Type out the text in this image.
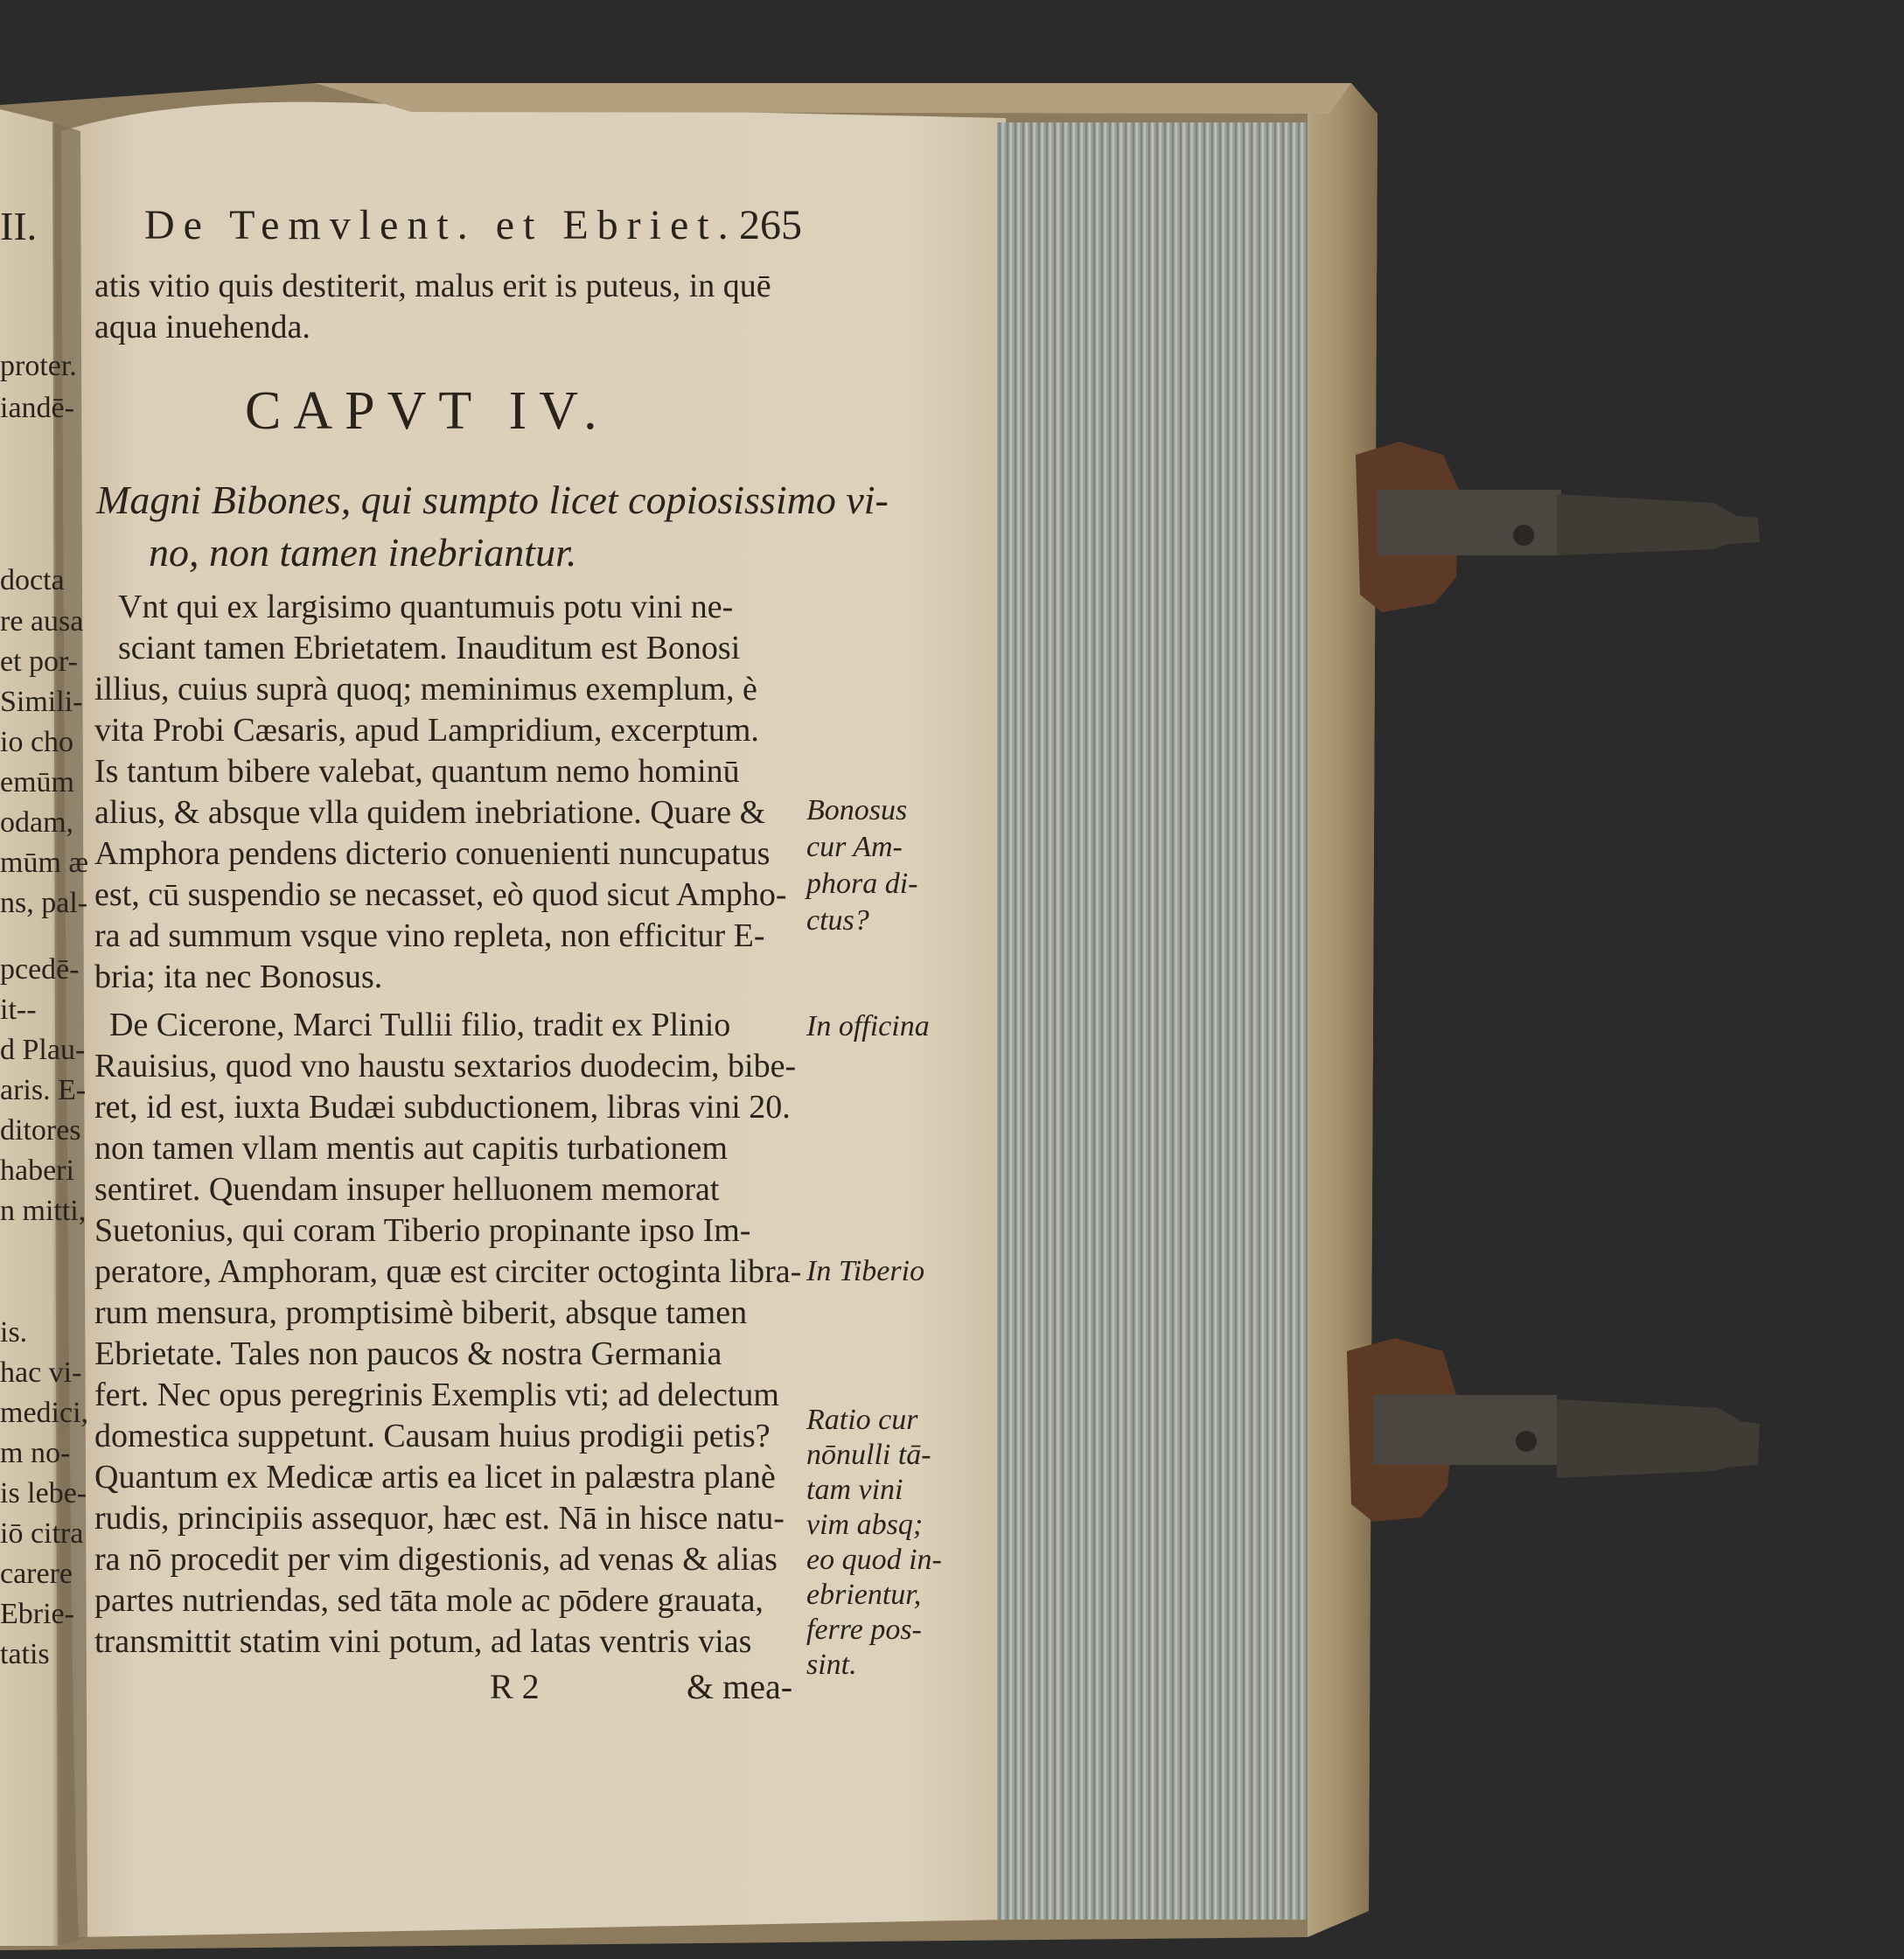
II.
proter.
iandē-
docta
re ausa
et por-
Simili-
io cho
emūm
odam,
mūm æ
ns, pal-
pcedē-
it--
d Plau-
aris. E-
ditores
haberi
n mitti,
is.
hac vi-
medici,
m no-
is lebe-
iō citra
carere
Ebrie-
tatis
De Temvlent. et Ebriet. 265
atis vitio quis destiterit, malus erit is puteus, in quē
aqua inuehenda.
CAPVT IV.
Magni Bibones, qui sumpto licet copiosissimo vi-
no, non tamen inebriantur.
Vnt qui ex largisimo quantumuis potu vini ne-
sciant tamen Ebrietatem. Inauditum est Bonosi
illius, cuius suprà quoq; meminimus exemplum, è
vita Probi Cæsaris, apud Lampridium, excerptum.
Is tantum bibere valebat, quantum nemo hominū
alius, & absque vlla quidem inebriatione. Quare &
Amphora pendens dicterio conuenienti nuncupatus
est, cū suspendio se necasset, eò quod sicut Ampho-
ra ad summum vsque vino repleta, non efficitur E-
bria; ita nec Bonosus.
De Cicerone, Marci Tullii filio, tradit ex Plinio
Rauisius, quod vno haustu sextarios duodecim, bibe-
ret, id est, iuxta Budæi subductionem, libras vini 20.
non tamen vllam mentis aut capitis turbationem
sentiret. Quendam insuper helluonem memorat
Suetonius, qui coram Tiberio propinante ipso Im-
peratore, Amphoram, quæ est circiter octoginta libra-
rum mensura, promptisimè biberit, absque tamen
Ebrietate. Tales non paucos & nostra Germania
fert. Nec opus peregrinis Exemplis vti; ad delectum
domestica suppetunt. Causam huius prodigii petis?
Quantum ex Medicæ artis ea licet in palæstra planè
rudis, principiis assequor, hæc est. Nā in hisce natu-
ra nō procedit per vim digestionis, ad venas & alias
partes nutriendas, sed tāta mole ac pōdere grauata,
transmittit statim vini potum, ad latas ventris vias
R 2	& mea-
Bonosus
cur Am-
phora di-
ctus?
In officina
In Tiberio
Ratio cur
nōnulli tā-
tam vini
vim absq;
eo quod in-
ebrientur,
ferre pos-
sint.
